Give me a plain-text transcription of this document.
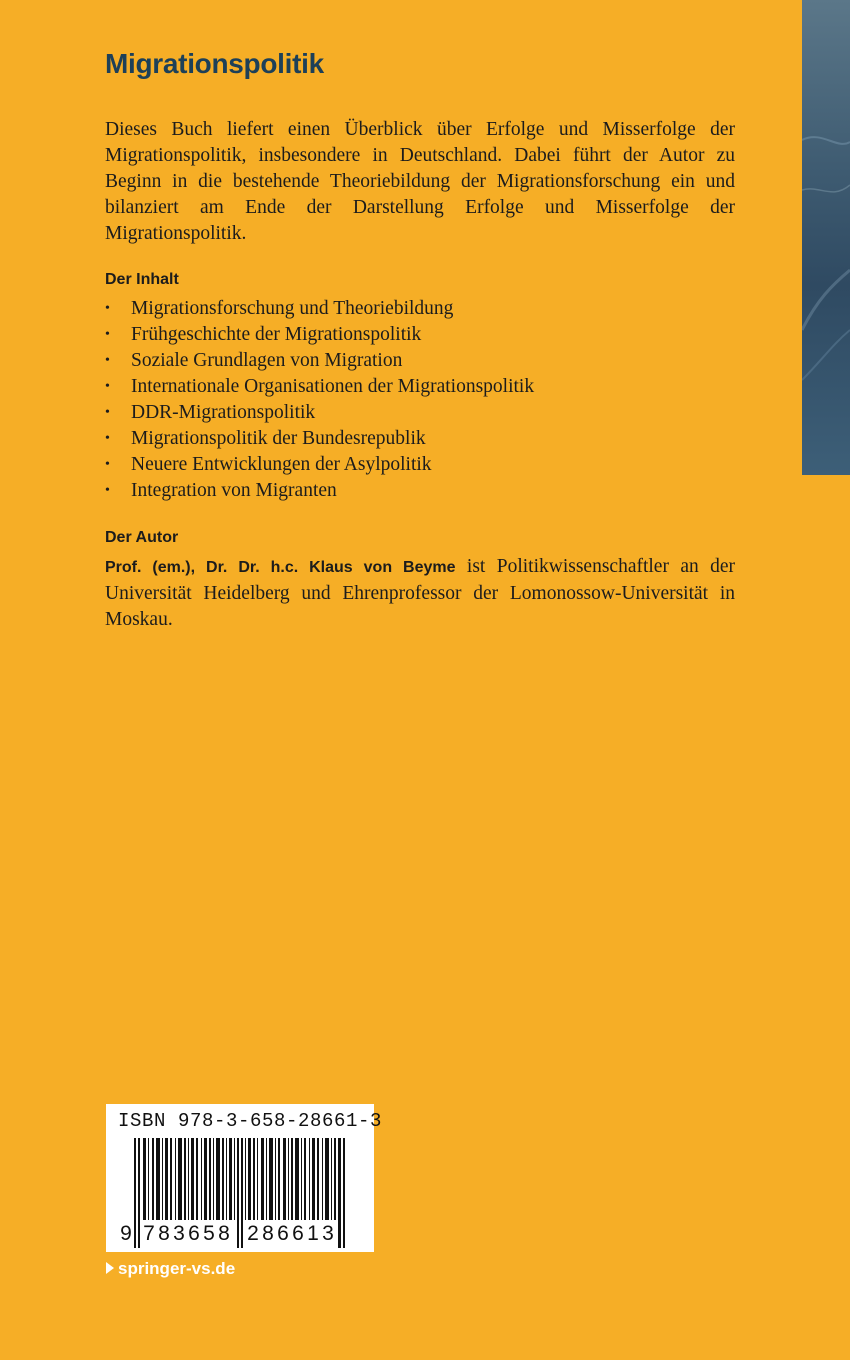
Migrationspolitik

Dieses Buch liefert einen Überblick über Erfolge und Misserfolge der Migrationspolitik, insbesondere in Deutschland. Dabei führt der Autor zu Beginn in die bestehende Theoriebildung der Migrationsforschung ein und bilanziert am Ende der Darstellung Erfolge und Misserfolge der Migrationspolitik.

Der Inhalt
• Migrationsforschung und Theoriebildung
• Frühgeschichte der Migrationspolitik
• Soziale Grundlagen von Migration
• Internationale Organisationen der Migrationspolitik
• DDR-Migrationspolitik
• Migrationspolitik der Bundesrepublik
• Neuere Entwicklungen der Asylpolitik
• Integration von Migranten
Der Autor

Prof. (em.), Dr. Dr. h.c. Klaus von Beyme ist Politikwissenschaftler an der Universität Heidelberg und Ehrenprofessor der Lomonossow-Universität in Moskau.

ISBN 978-3-658-28661-3
9 7 8 3 6 5 8 2 8 6 6 1 3
springer-vs.de
